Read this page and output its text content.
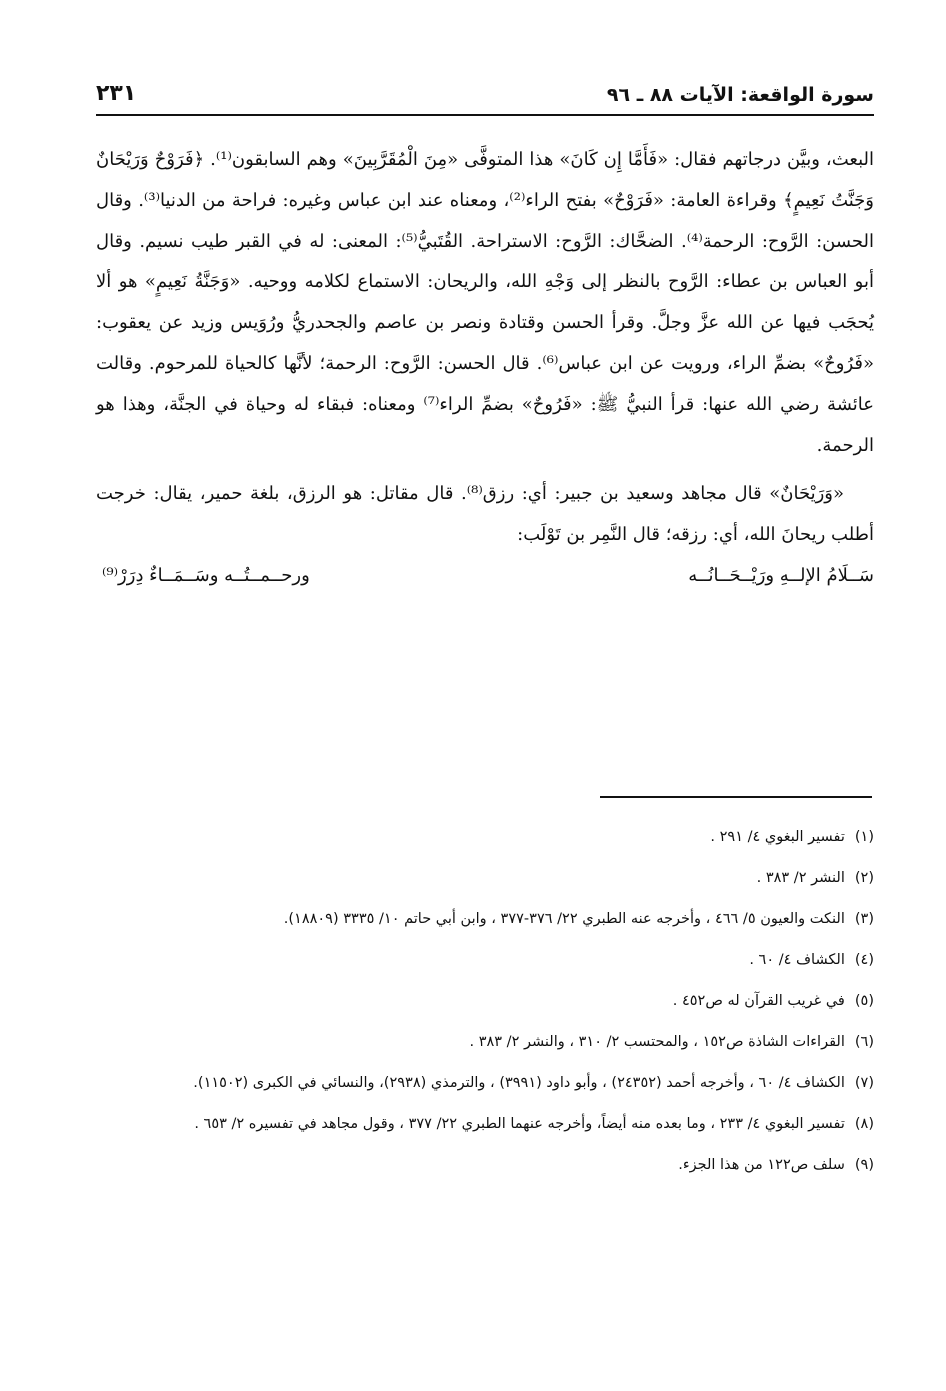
سورة الواقعة: الآيات ٨٨ ـ ٩٦
٢٣١

البعث، وبيَّن درجاتهم فقال: «فَأَمَّا إِن كَانَ» هذا المتوفَّى «مِنَ الْمُقَرَّبِينَ» وهم السابقون⁽¹⁾. ﴿فَرَوْحٌ وَرَيْحَانٌ وَجَنَّتُ نَعِيمٍ﴾ وقراءة العامة: «فَرَوْحٌ» بفتح الراء⁽²⁾، ومعناه عند ابن عباس وغيره: فراحة من الدنيا⁽³⁾. وقال الحسن: الرَّوح: الرحمة⁽⁴⁾. الضحَّاك: الرَّوح: الاستراحة. القُتَبيُّ⁽⁵⁾: المعنى: له في القبر طيب نسيم. وقال أبو العباس بن عطاء: الرَّوح بالنظر إلى وَجْهِ الله، والريحان: الاستماع لكلامه ووحيه. «وَجَنَّةُ نَعِيمٍ» هو ألا يُحجَب فيها عن الله عزَّ وجلَّ. وقرأ الحسن وقتادة ونصر بن عاصم والجحدريُّ ورُوَيس وزيد عن يعقوب: «فَرُوحٌ» بضمِّ الراء، ورويت عن ابن عباس⁽⁶⁾. قال الحسن: الرَّوح: الرحمة؛ لأنَّها كالحياة للمرحوم. وقالت عائشة رضي الله عنها: قرأ النبيُّ ﷺ: «فَرُوحٌ» بضمِّ الراء⁽⁷⁾ ومعناه: فبقاء له وحياة في الجنَّة، وهذا هو الرحمة.

«وَرَيْحَانٌ» قال مجاهد وسعيد بن جبير: أي: رزق⁽⁸⁾. قال مقاتل: هو الرزق، بلغة حمير، يقال: خرجت أطلب ريحانَ الله، أي: رزقه؛ قال النَّمِر بن تَوْلَب:

سَــلَامُ الإلــهِ ورَيْــحَــانُــه
ورحــمــتُــه وسَــمَــاءٌ دِرَرْ⁽⁹⁾
(١)
تفسير البغوي ٤/ ٢٩١ .
(٢)
النشر ٢/ ٣٨٣ .
(٣)
النكت والعيون ٥/ ٤٦٦ ، وأخرجه عنه الطبري ٢٢/ ٣٧٦-٣٧٧ ، وابن أبي حاتم ١٠/ ٣٣٣٥ (١٨٨٠٩).
(٤)
الكشاف ٤/ ٦٠ .
(٥)
في غريب القرآن له ص٤٥٢ .
(٦)
القراءات الشاذة ص١٥٢ ، والمحتسب ٢/ ٣١٠ ، والنشر ٢/ ٣٨٣ .
(٧)
الكشاف ٤/ ٦٠ ، وأخرجه أحمد (٢٤٣٥٢) ، وأبو داود (٣٩٩١) ، والترمذي (٢٩٣٨)، والنسائي في الكبرى (١١٥٠٢).
(٨)
تفسير البغوي ٤/ ٢٣٣ ، وما بعده منه أيضاً، وأخرجه عنهما الطبري ٢٢/ ٣٧٧ ، وقول مجاهد في تفسيره ٢/ ٦٥٣ .
(٩)
سلف ص١٢٢ من هذا الجزء.
